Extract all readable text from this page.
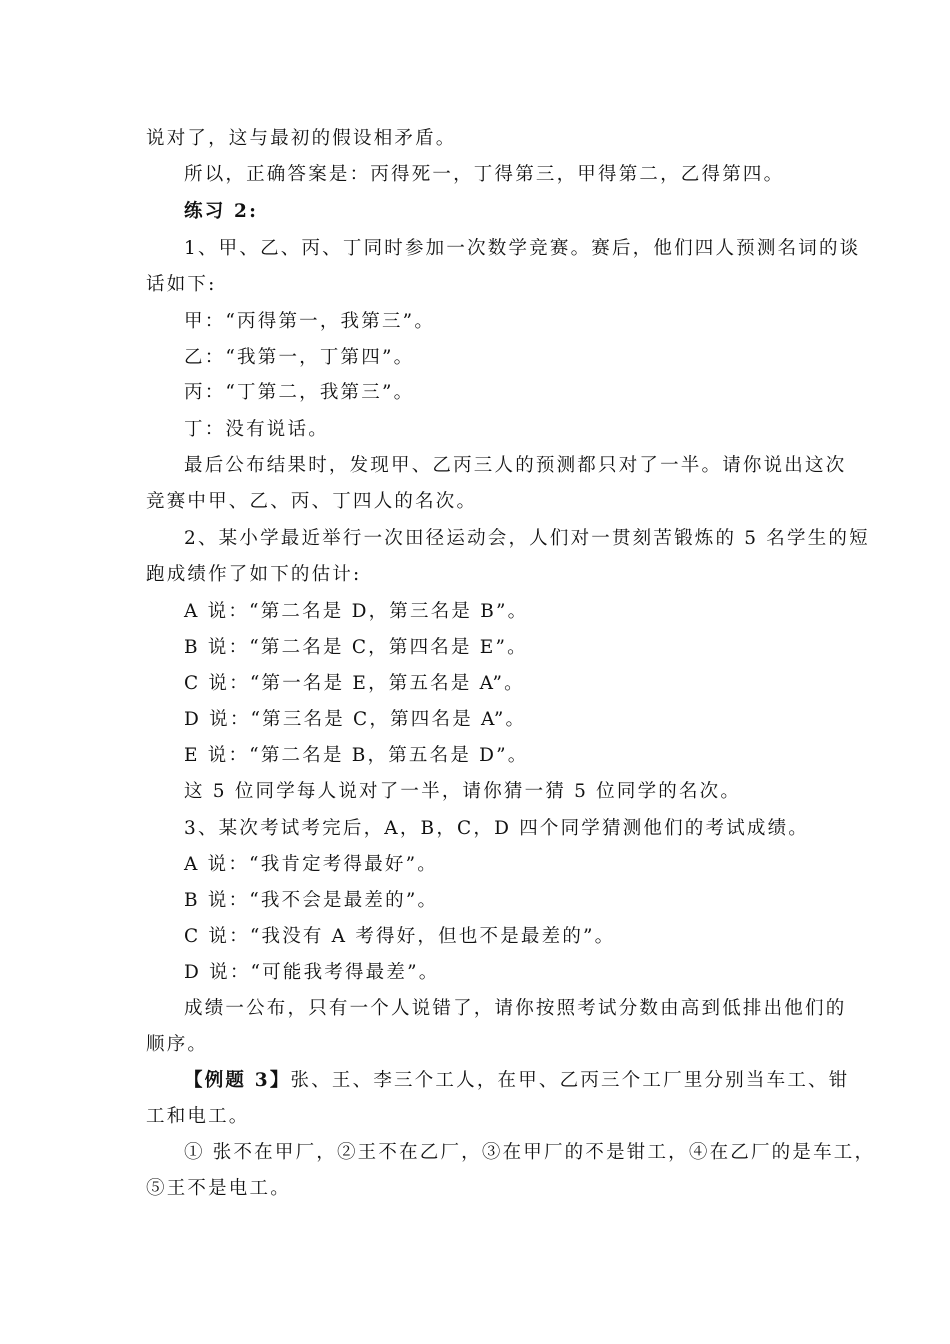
说对了，这与最初的假设相矛盾。
所以，正确答案是：丙得死一，丁得第三，甲得第二，乙得第四。
练习 2:
1、甲、乙、丙、丁同时参加一次数学竞赛。赛后，他们四人预测名词的谈
话如下:
甲：“丙得第一，我第三”。
乙：“我第一，丁第四”。
丙：“丁第二，我第三”。
丁：没有说话。
最后公布结果时，发现甲、乙丙三人的预测都只对了一半。请你说出这次
竞赛中甲、乙、丙、丁四人的名次。
2、某小学最近举行一次田径运动会，人们对一贯刻苦锻炼的 5 名学生的短
跑成绩作了如下的估计:
A 说：“第二名是 D，第三名是 B”。
B 说：“第二名是 C，第四名是 E”。
C 说：“第一名是 E，第五名是 A”。
D 说：“第三名是 C，第四名是 A”。
E 说：“第二名是 B，第五名是 D”。
这 5 位同学每人说对了一半，请你猜一猜 5 位同学的名次。
3、某次考试考完后，A，B，C，D 四个同学猜测他们的考试成绩。
A 说：“我肯定考得最好”。
B 说：“我不会是最差的”。
C 说：“我没有 A 考得好，但也不是最差的”。
D 说：“可能我考得最差”。
成绩一公布，只有一个人说错了，请你按照考试分数由高到低排出他们的
顺序。
【例题 3】张、王、李三个工人，在甲、乙丙三个工厂里分别当车工、钳
工和电工。
① 张不在甲厂，②王不在乙厂，③在甲厂的不是钳工，④在乙厂的是车工，
⑤王不是电工。
